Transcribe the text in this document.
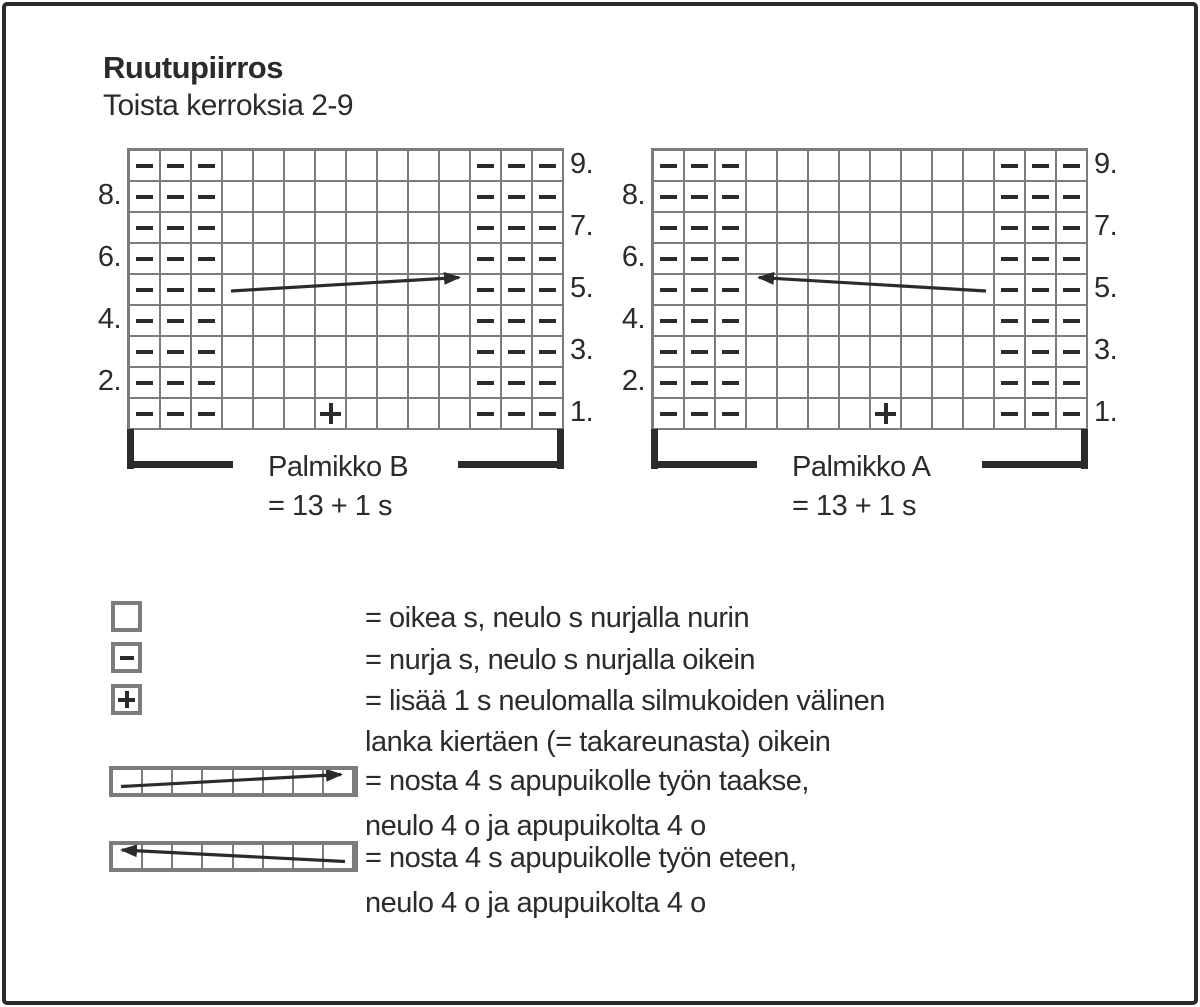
Ruutupiirros
Toista kerroksia 2-9
9.
8.
7.
6.
5.
4.
3.
2.
1.
Palmikko B
= 13 + 1 s
9.
8.
7.
6.
5.
4.
3.
2.
1.
Palmikko A
= 13 + 1 s
= oikea s, neulo s nurjalla nurin
= nurja s, neulo s nurjalla oikein
= lisää 1 s neulomalla silmukoiden välinen
lanka kiertäen (= takareunasta) oikein
= nosta 4 s apupuikolle työn taakse,
neulo 4 o ja apupuikolta 4 o
= nosta 4 s apupuikolle työn eteen,
neulo 4 o ja apupuikolta 4 o
